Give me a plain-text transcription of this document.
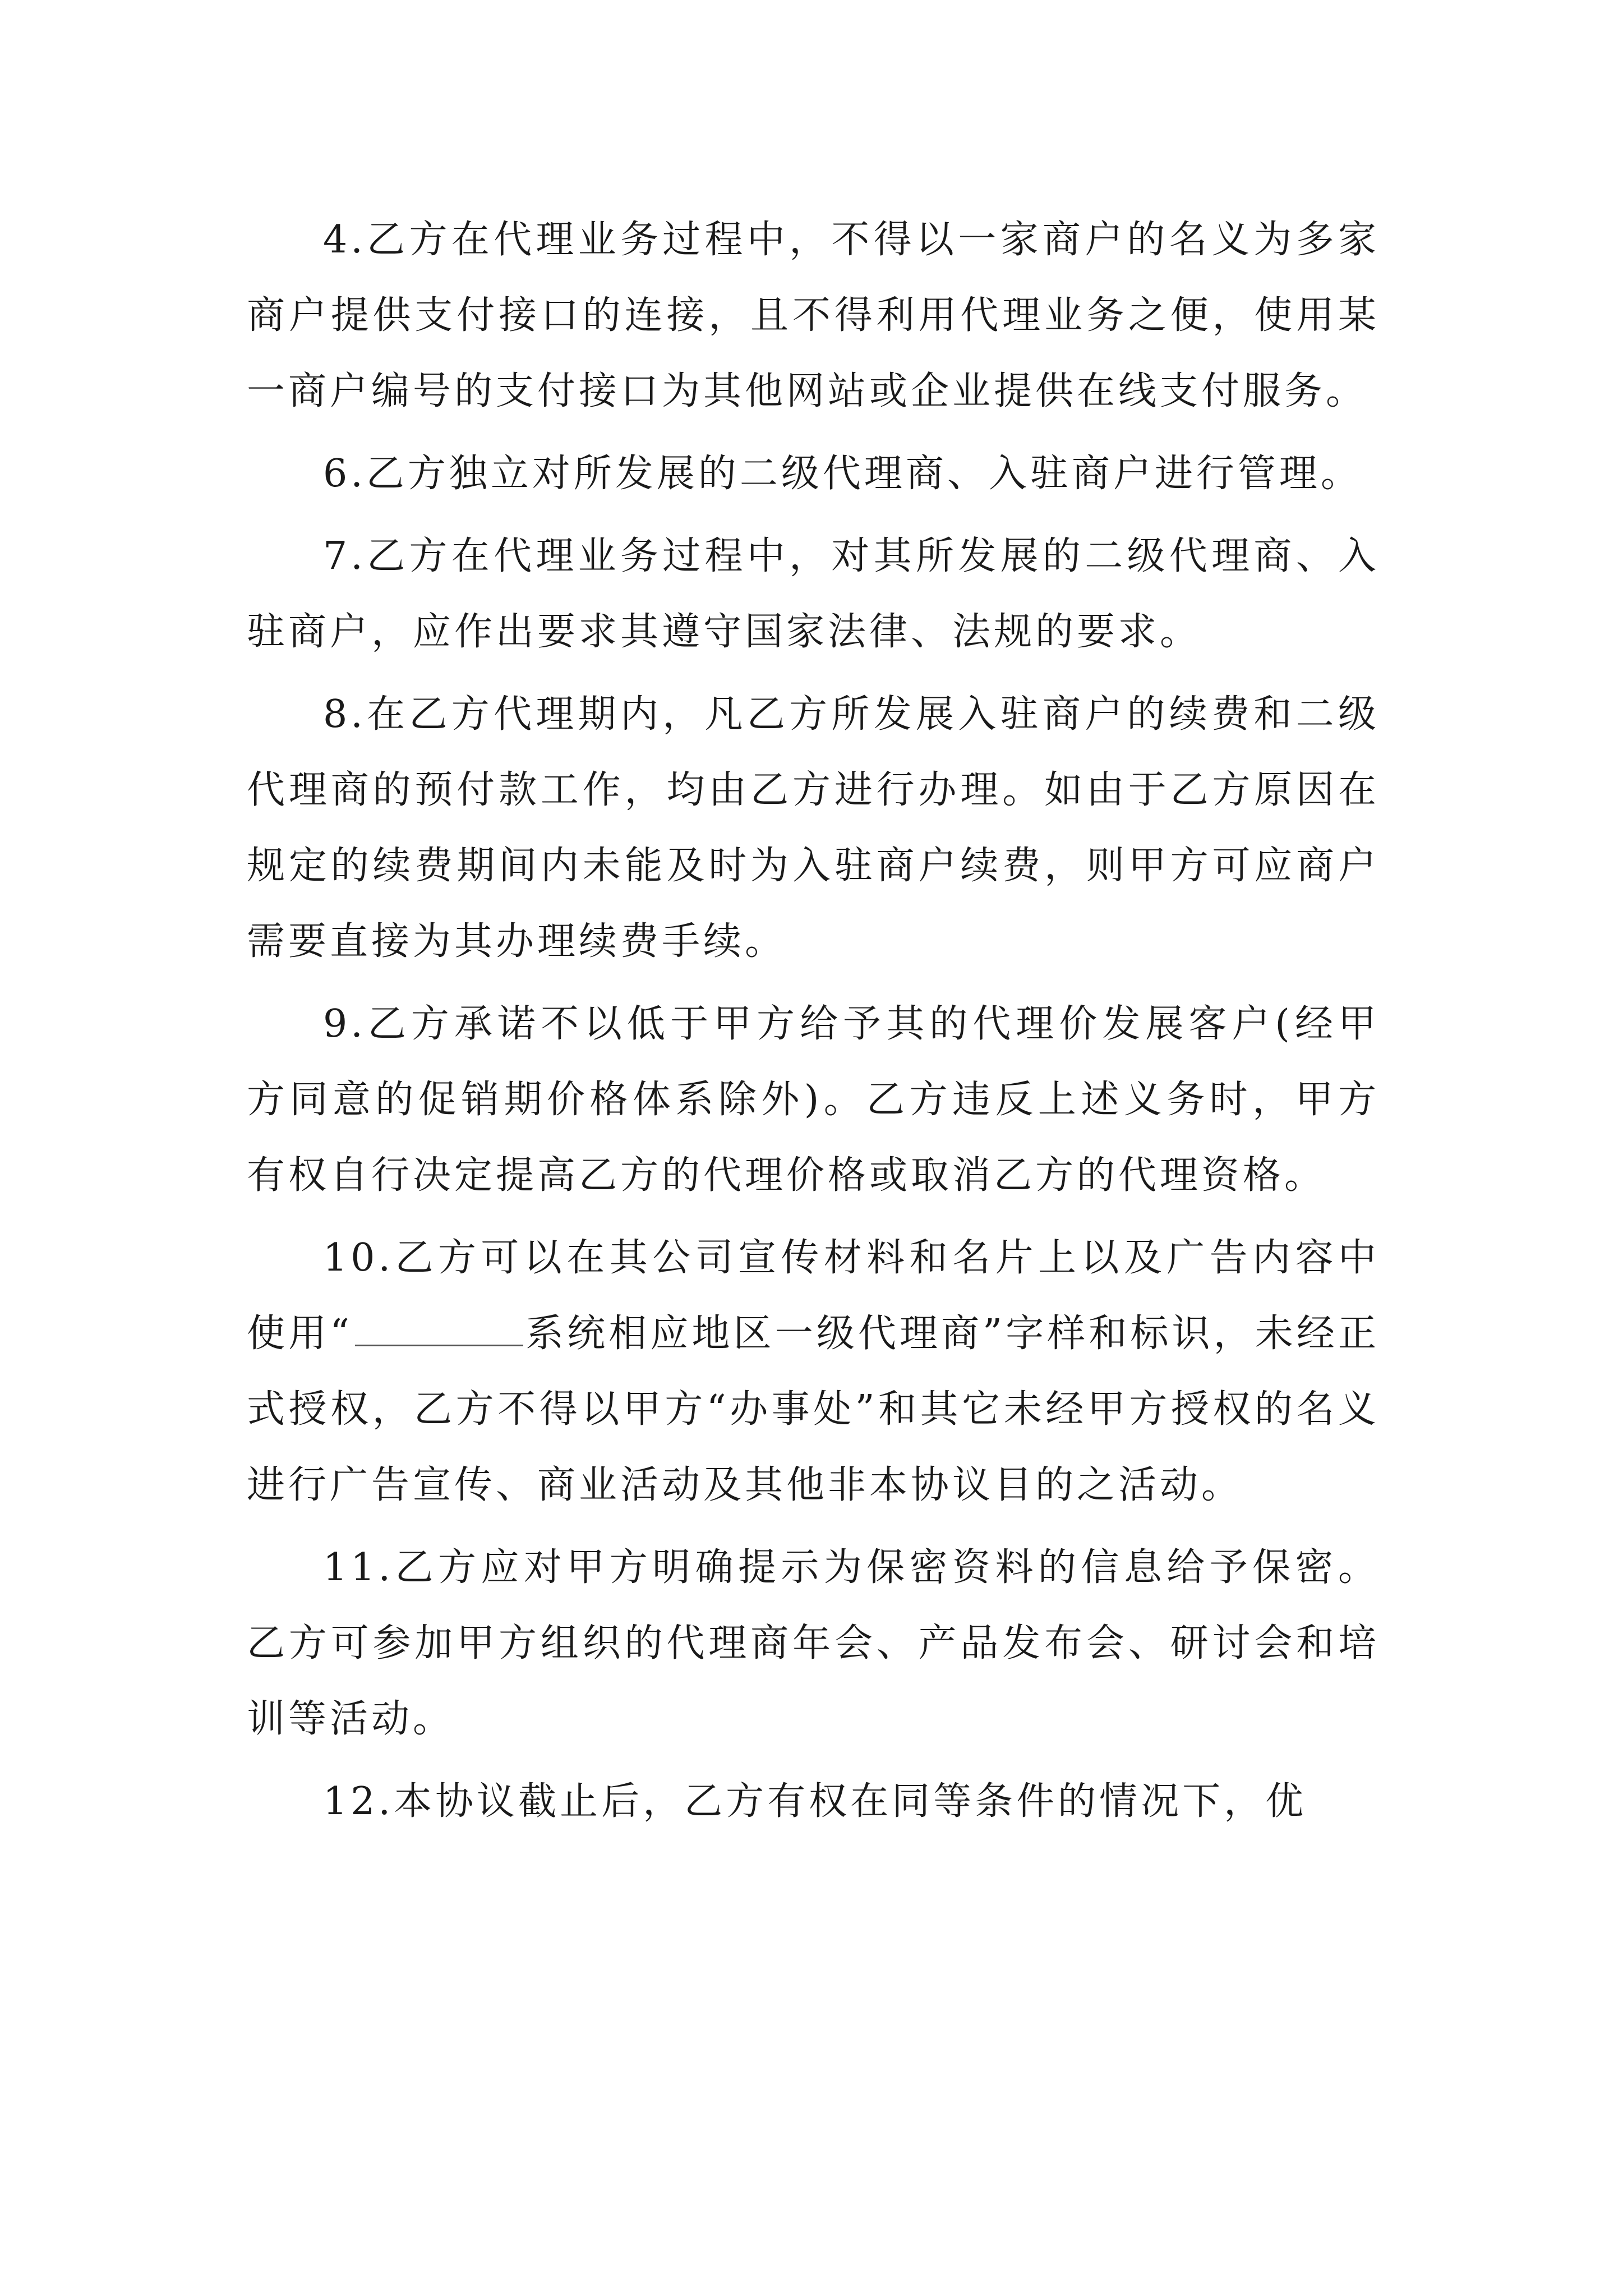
4.乙方在代理业务过程中，不得以一家商户的名义为多家商户提供支付接口的连接，且不得利用代理业务之便，使用某一商户编号的支付接口为其他网站或企业提供在线支付服务。

6.乙方独立对所发展的二级代理商、入驻商户进行管理。

7.乙方在代理业务过程中，对其所发展的二级代理商、入驻商户，应作出要求其遵守国家法律、法规的要求。

8.在乙方代理期内，凡乙方所发展入驻商户的续费和二级代理商的预付款工作，均由乙方进行办理。如由于乙方原因在规定的续费期间内未能及时为入驻商户续费，则甲方可应商户需要直接为其办理续费手续。

9.乙方承诺不以低于甲方给予其的代理价发展客户(经甲方同意的促销期价格体系除外)。乙方违反上述义务时，甲方有权自行决定提高乙方的代理价格或取消乙方的代理资格。

10.乙方可以在其公司宣传材料和名片上以及广告内容中使用“	系统相应地区一级代理商”字样和标识，未经正式授权，乙方不得以甲方“办事处”和其它未经甲方授权的名义进行广告宣传、商业活动及其他非本协议目的之活动。

11.乙方应对甲方明确提示为保密资料的信息给予保密。乙方可参加甲方组织的代理商年会、产品发布会、研讨会和培训等活动。

12.本协议截止后，乙方有权在同等条件的情况下，优
